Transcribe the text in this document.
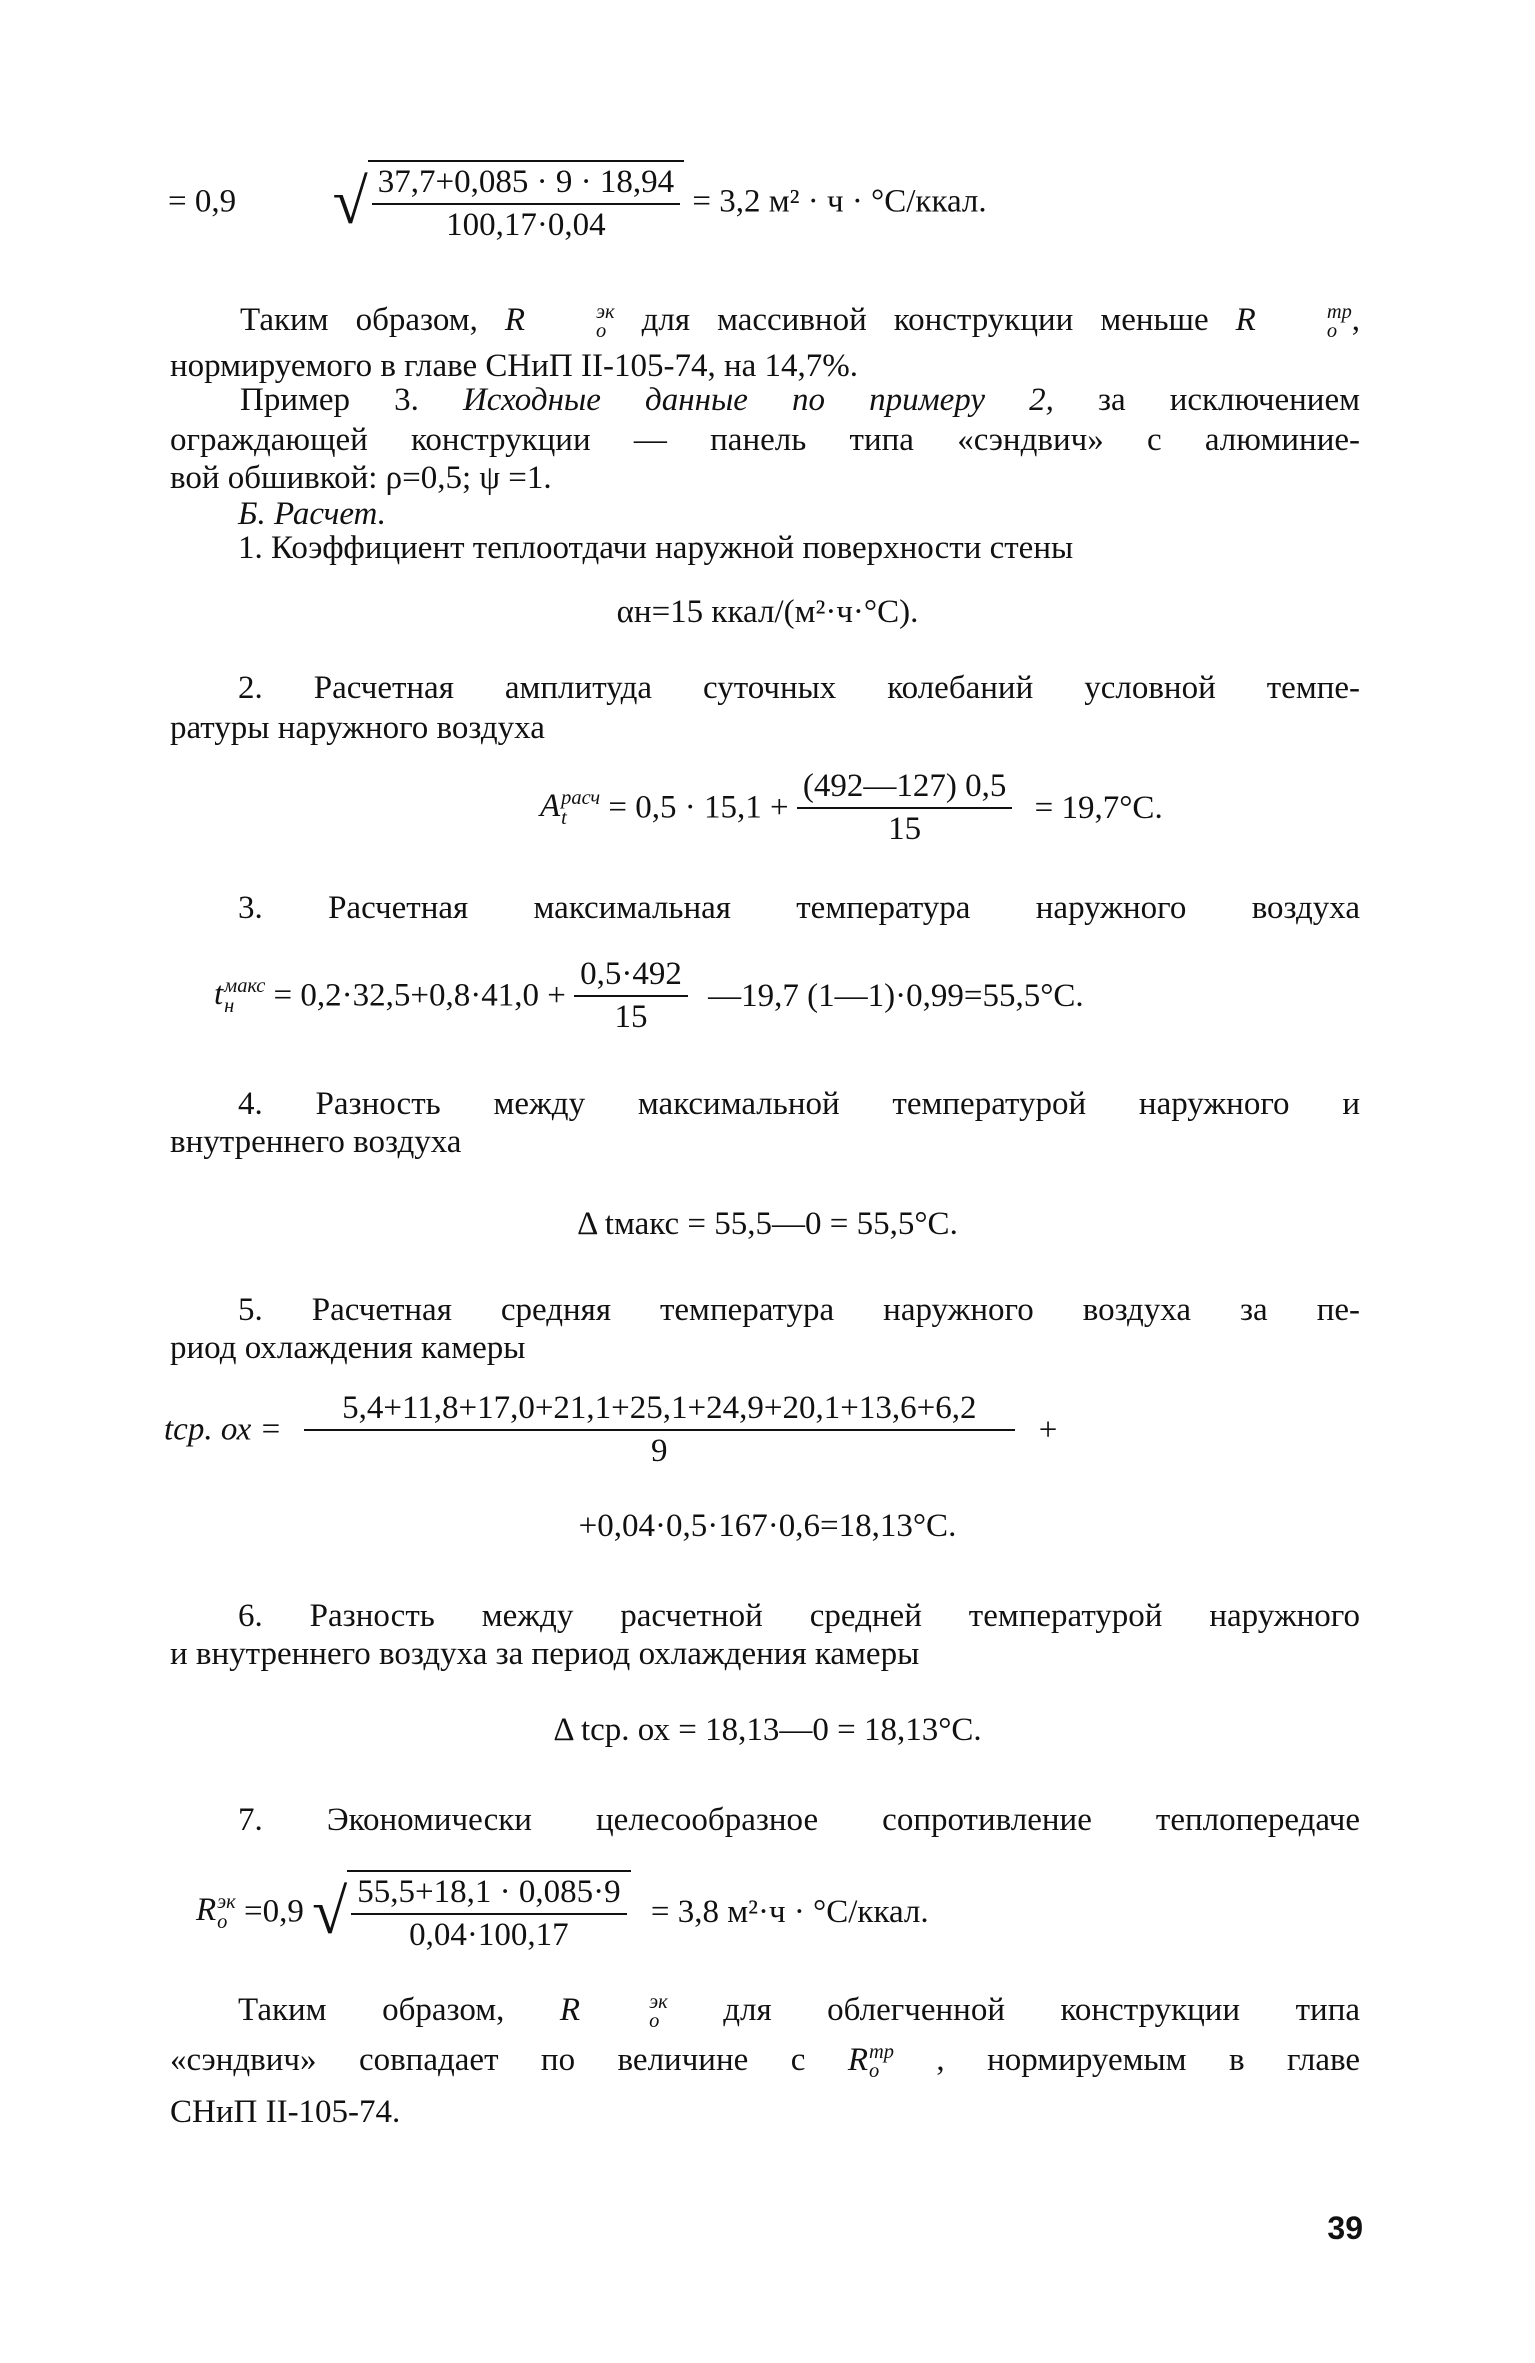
= 0,9 √ $\frac{37,7+0,085 \cdot 9 \cdot 18,94}{100,17\cdot 0,04} = 3,2$ м² · ч · °С/ккал.
Таким образом, R	эк
о для массивной конструкции меньше R	тр
о ,
нормируемого в главе СНиП II-105-74, на 14,7%.
Пример 3. Исходные данные по примеру 2, за исключением
ограждающей конструкции — панель типа «сэндвич» с алюминие-
вой обшивкой: ρ=0,5; ψ =1.
Б. Расчет.
1. Коэффициент теплоотдачи наружной поверхности стены
αн=15 ккал/(м²·ч·°С).
2. Расчетная амплитуда суточных колебаний условной темпе-
ратуры наружного воздуха
A расч
t	= $0,5 \cdot 15,1 + \frac{(492—127) 0,5}{15} = 19,7^\circ С$.
3. Расчетная максимальная температура наружного воздуха
t макс
н	= $0,2\cdot 32,5+0,8\cdot 41,0 + \frac{0,5\cdot 492}{15}$ —19,7 (1—1)·0,99=55,5°С.
4. Разность между максимальной температурой наружного и
внутреннего воздуха
Δ tмакс = 55,5—0 = 55,5°С.
5. Расчетная средняя температура наружного воздуха за пе-
риод охлаждения камеры
tср. ох = $\frac{5,4+11,8+17,0+21,1+25,1+24,9+20,1+13,6+6,2}{9}$ +
+0,04·0,5·167·0,6=18,13°С.
6. Разность между расчетной средней температурой наружного
и внутреннего воздуха за период охлаждения камеры
Δ tср. ох = 18,13—0 = 18,13°С.
7. Экономически целесообразное сопротивление теплопередаче
R эк
о =0,9 √ $\frac{55,5+18,1 \cdot 0,085\cdot 9}{0,04\cdot 100,17} = 3,8$ м²·ч · °С/ккал.
Таким образом, R	эк
о для облегченной конструкции типа
«сэндвич» совпадает по величине с R тр
о	, нормируемым в главе
СНиП II-105-74.
39
